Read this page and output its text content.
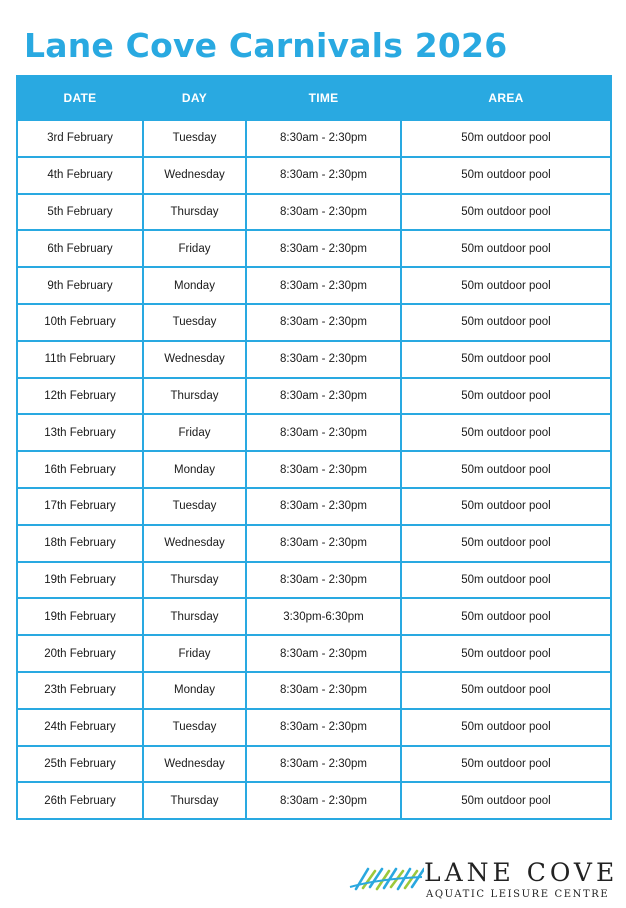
Lane Cove Carnivals 2026
DATE	DAY	TIME	AREA
3rd February	Tuesday	8:30am - 2:30pm	50m outdoor pool
4th February	Wednesday	8:30am - 2:30pm	50m outdoor pool
5th February	Thursday	8:30am - 2:30pm	50m outdoor pool
6th February	Friday	8:30am - 2:30pm	50m outdoor pool
9th February	Monday	8:30am - 2:30pm	50m outdoor pool
10th February	Tuesday	8:30am - 2:30pm	50m outdoor pool
11th February	Wednesday	8:30am - 2:30pm	50m outdoor pool
12th February	Thursday	8:30am - 2:30pm	50m outdoor pool
13th February	Friday	8:30am - 2:30pm	50m outdoor pool
16th February	Monday	8:30am - 2:30pm	50m outdoor pool
17th February	Tuesday	8:30am - 2:30pm	50m outdoor pool
18th February	Wednesday	8:30am - 2:30pm	50m outdoor pool
19th February	Thursday	8:30am - 2:30pm	50m outdoor pool
19th February	Thursday	3:30pm-6:30pm	50m outdoor pool
20th February	Friday	8:30am - 2:30pm	50m outdoor pool
23th February	Monday	8:30am - 2:30pm	50m outdoor pool
24th February	Tuesday	8:30am - 2:30pm	50m outdoor pool
25th February	Wednesday	8:30am - 2:30pm	50m outdoor pool
26th February	Thursday	8:30am - 2:30pm	50m outdoor pool
LANE COVE
AQUATIC LEISURE CENTRE
